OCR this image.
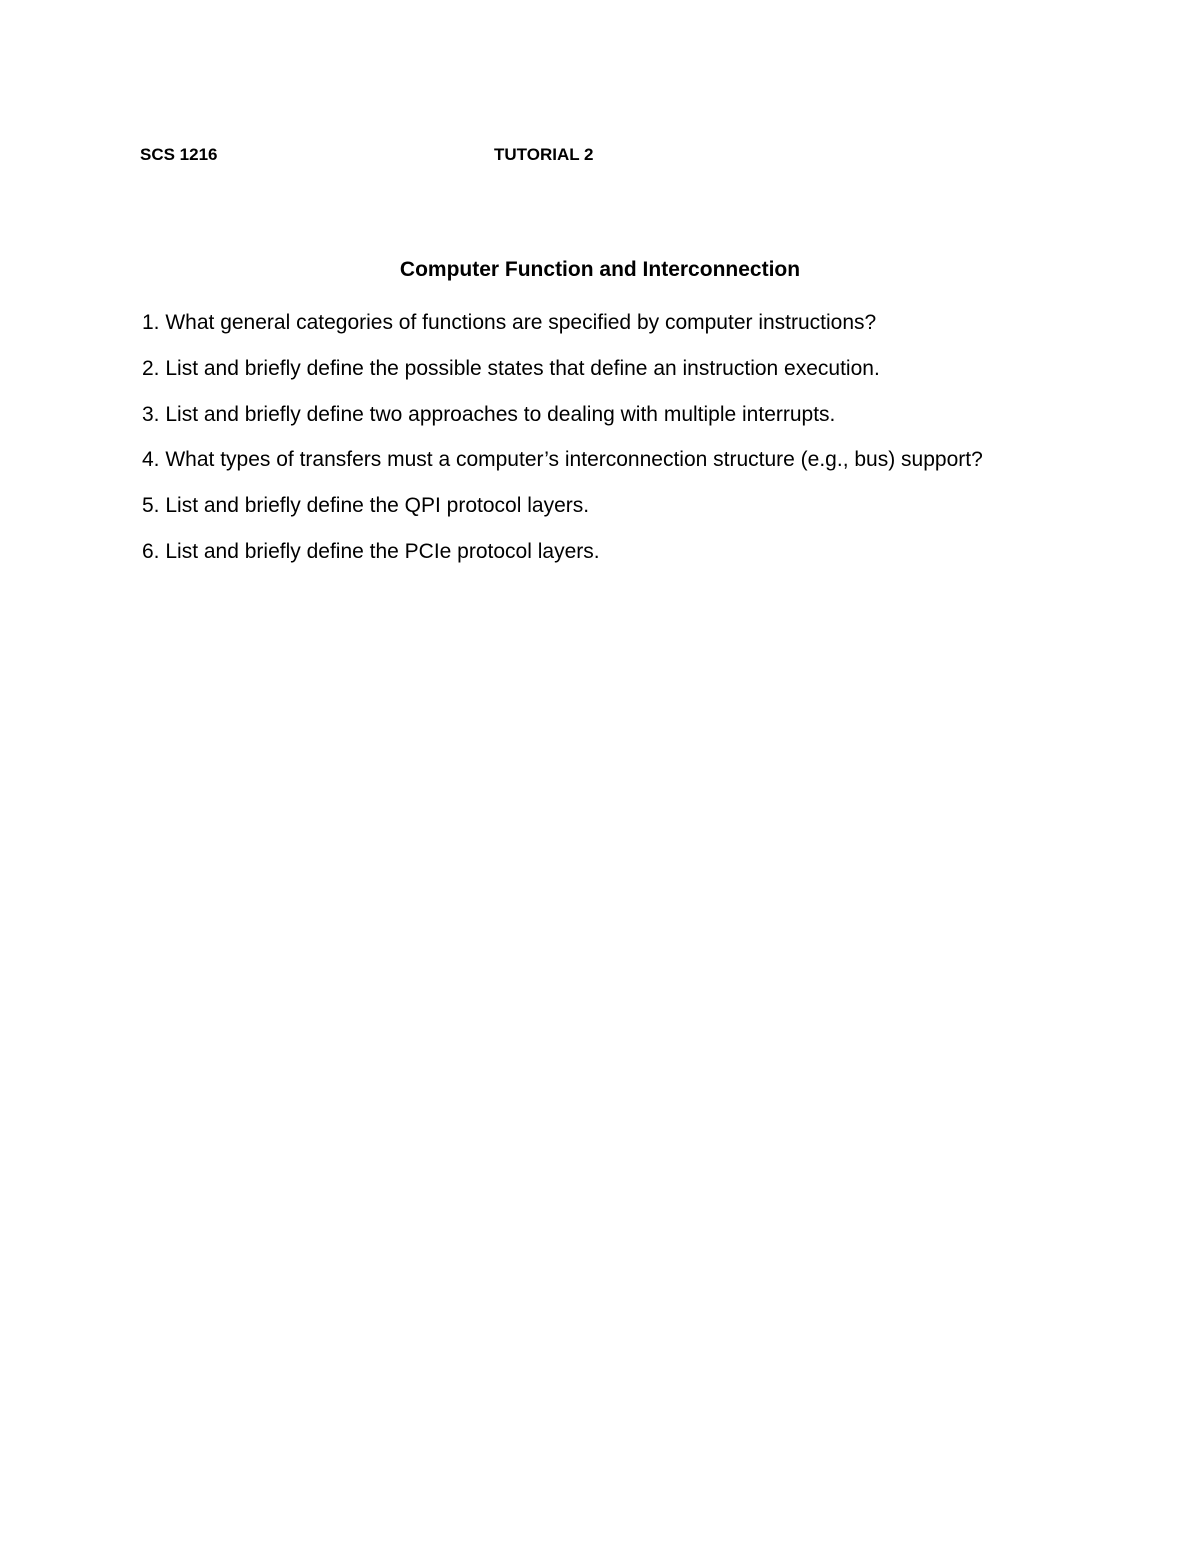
SCS 1216	TUTORIAL 2
Computer Function and Interconnection
1. What general categories of functions are specified by computer instructions?
2. List and briefly define the possible states that define an instruction execution.
3. List and briefly define two approaches to dealing with multiple interrupts.
4. What types of transfers must a computer’s interconnection structure (e.g., bus) support?
5. List and briefly define the QPI protocol layers.
6. List and briefly define the PCIe protocol layers.
